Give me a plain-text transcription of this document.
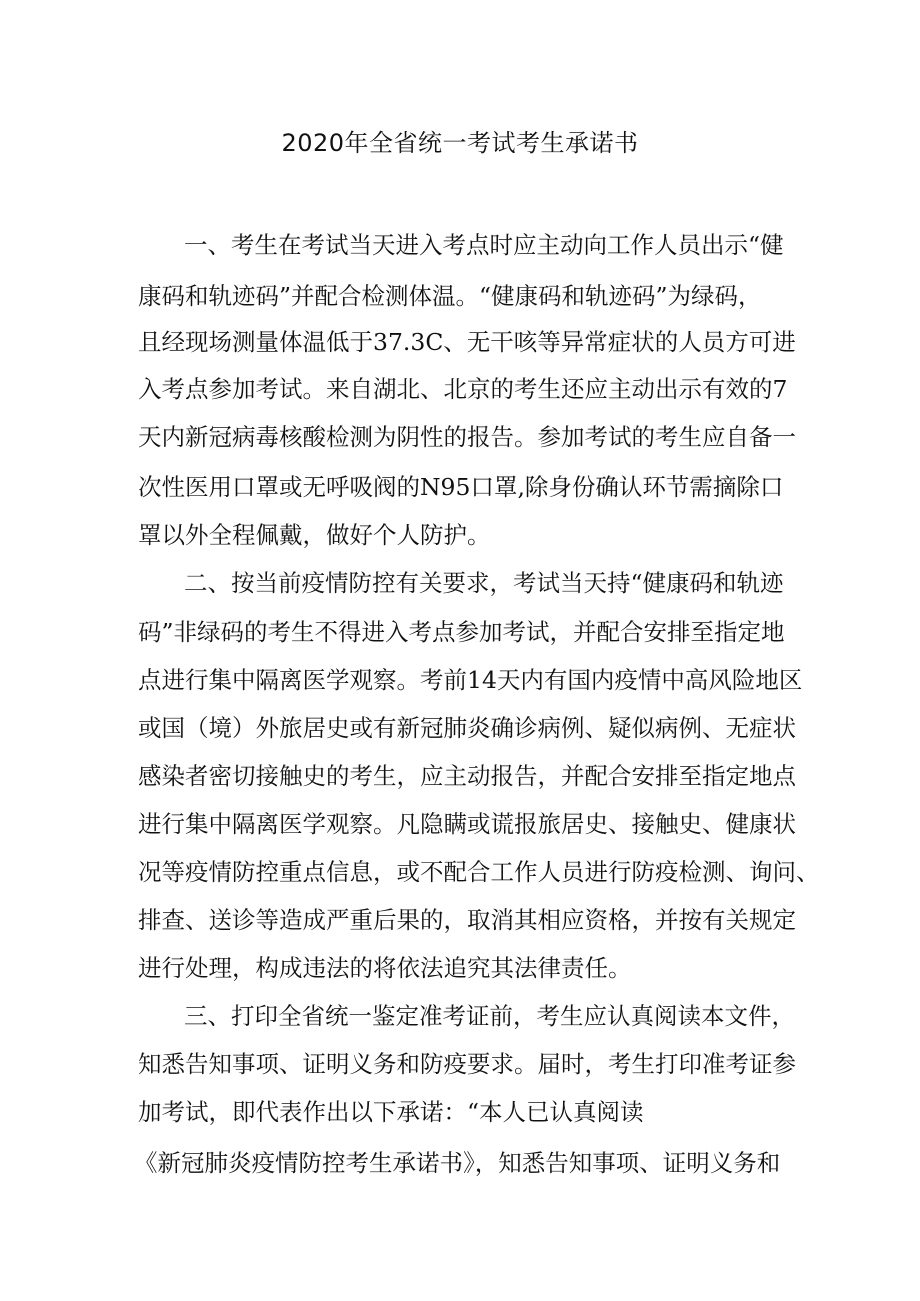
2020年全省统一考试考生承诺书
一、考生在考试当天进入考点时应主动向工作人员出示“健
康码和轨迹码”并配合检测体温。“健康码和轨迹码”为绿码，
且经现场测量体温低于37.3C、无干咳等异常症状的人员方可进
入考点参加考试。来自湖北、北京的考生还应主动出示有效的7
天内新冠病毒核酸检测为阴性的报告。参加考试的考生应自备一
次性医用口罩或无呼吸阀的N95口罩,除身份确认环节需摘除口
罩以外全程佩戴，做好个人防护。
二、按当前疫情防控有关要求，考试当天持“健康码和轨迹
码”非绿码的考生不得进入考点参加考试，并配合安排至指定地
点进行集中隔离医学观察。考前14天内有国内疫情中高风险地区
或国（境）外旅居史或有新冠肺炎确诊病例、疑似病例、无症状
感染者密切接触史的考生，应主动报告，并配合安排至指定地点
进行集中隔离医学观察。凡隐瞒或谎报旅居史、接触史、健康状
况等疫情防控重点信息，或不配合工作人员进行防疫检测、询问、
排查、送诊等造成严重后果的，取消其相应资格，并按有关规定
进行处理，构成违法的将依法追究其法律责任。
三、打印全省统一鉴定准考证前，考生应认真阅读本文件，
知悉告知事项、证明义务和防疫要求。届时，考生打印准考证参
加考试，即代表作出以下承诺：“本人已认真阅读
《新冠肺炎疫情防控考生承诺书》，知悉告知事项、证明义务和
